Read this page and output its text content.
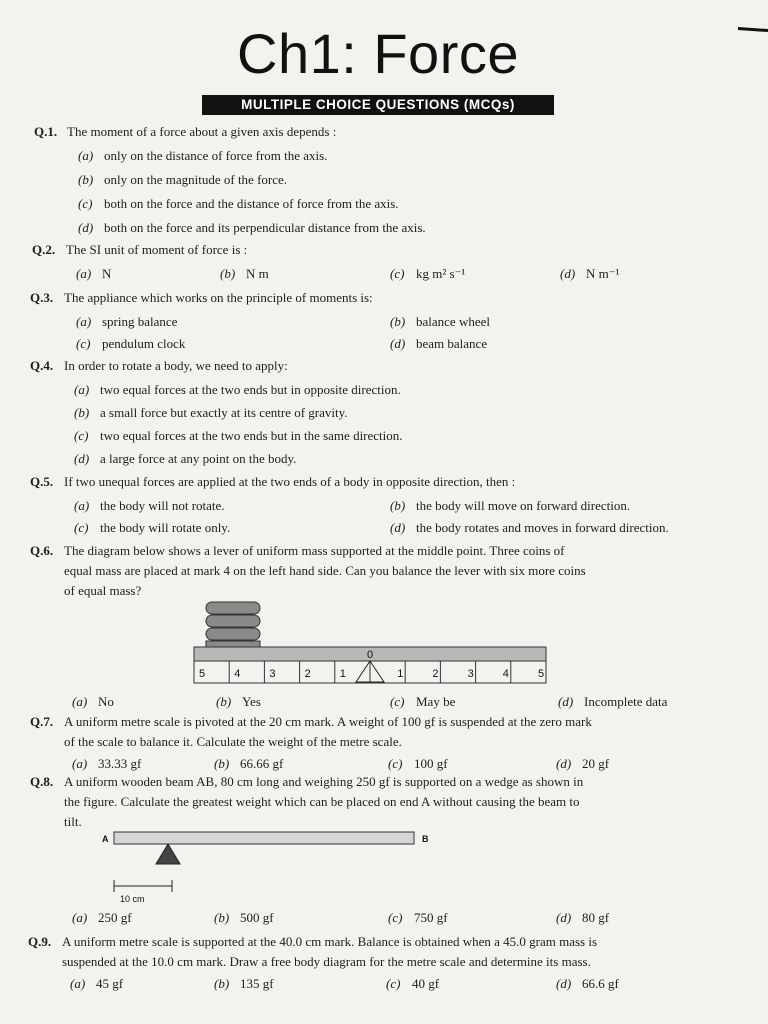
Ch1: Force
MULTIPLE CHOICE QUESTIONS (MCQs)
Q.1. The moment of a force about a given axis depends :
(a) only on the distance of force from the axis.
(b) only on the magnitude of the force.
(c) both on the force and the distance of force from the axis.
(d) both on the force and its perpendicular distance from the axis.
Q.2. The SI unit of moment of force is :
(a) N	(b) N m	(c) kg m² s⁻¹	(d) N m⁻¹
Q.3. The appliance which works on the principle of moments is:
(a) spring balance	(b) balance wheel
(c) pendulum clock	(d) beam balance
Q.4. In order to rotate a body, we need to apply:
(a) two equal forces at the two ends but in opposite direction.
(b) a small force but exactly at its centre of gravity.
(c) two equal forces at the two ends but in the same direction.
(d) a large force at any point on the body.
Q.5. If two unequal forces are applied at the two ends of a body in opposite direction, then :
(a) the body will not rotate.	(b) the body will move on forward direction.
(c) the body will rotate only.	(d) the body rotates and moves in forward direction.
Q.6. The diagram below shows a lever of uniform mass supported at the middle point. Three coins of
equal mass are placed at mark 4 on the left hand side. Can you balance the lever with six more coins
of equal mass?
5	4	3	2	1	1	2	3	4	5
0
(a) No	(b) Yes	(c) May be	(d) Incomplete data
Q.7. A uniform metre scale is pivoted at the 20 cm mark. A weight of 100 gf is suspended at the zero mark
of the scale to balance it. Calculate the weight of the metre scale.
(a) 33.33 gf	(b) 66.66 gf	(c) 100 gf	(d) 20 gf
Q.8. A uniform wooden beam AB, 80 cm long and weighing 250 gf is supported on a wedge as shown in
the figure. Calculate the greatest weight which can be placed on end A without causing the beam to
tilt.
A	B
10 cm
(a) 250 gf	(b) 500 gf	(c) 750 gf	(d) 80 gf
Q.9. A uniform metre scale is supported at the 40.0 cm mark. Balance is obtained when a 45.0 gram mass is
suspended at the 10.0 cm mark. Draw a free body diagram for the metre scale and determine its mass.
(a) 45 gf	(b) 135 gf	(c) 40 gf	(d) 66.6 gf
